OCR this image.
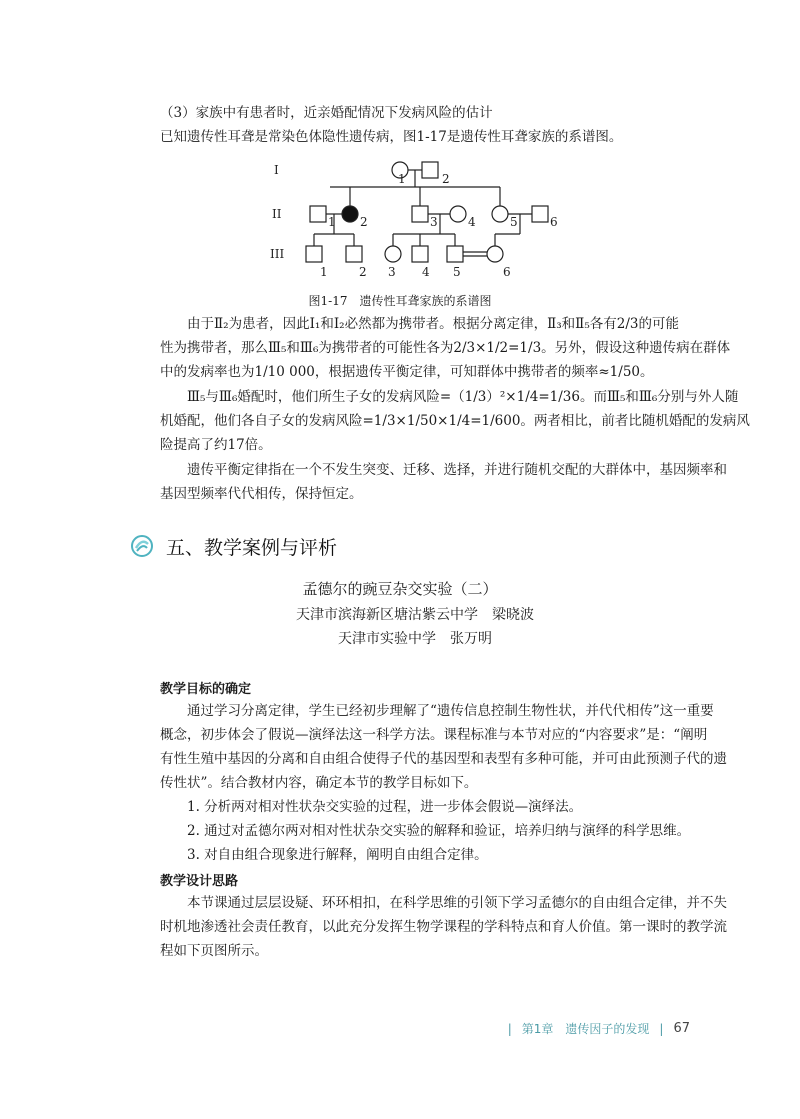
（3）家族中有患者时，近亲婚配情况下发病风险的估计
已知遗传性耳聋是常染色体隐性遗传病，图1-17是遗传性耳聋家族的系谱图。
I
II
III
1	2
1 2	3	4	5	6
1	2 3 4 5	6
图1-17　遗传性耳聋家族的系谱图
由于Ⅱ₂为患者，因此Ⅰ₁和Ⅰ₂必然都为携带者。根据分离定律，Ⅱ₃和Ⅱ₅各有2/3的可能
性为携带者，那么Ⅲ₅和Ⅲ₆为携带者的可能性各为2/3×1/2=1/3。另外，假设这种遗传病在群体
中的发病率也为1/10 000，根据遗传平衡定律，可知群体中携带者的频率≈1/50。
Ⅲ₅与Ⅲ₆婚配时，他们所生子女的发病风险=（1/3）²×1/4=1/36。而Ⅲ₅和Ⅲ₆分别与外人随
机婚配，他们各自子女的发病风险=1/3×1/50×1/4=1/600。两者相比，前者比随机婚配的发病风
险提高了约17倍。
遗传平衡定律指在一个不发生突变、迁移、选择，并进行随机交配的大群体中，基因频率和
基因型频率代代相传，保持恒定。
五、教学案例与评析
孟德尔的豌豆杂交实验（二）
天津市滨海新区塘沽紫云中学　梁晓波
天津市实验中学　张万明
教学目标的确定
通过学习分离定律，学生已经初步理解了“遗传信息控制生物性状，并代代相传”这一重要
概念，初步体会了假说—演绎法这一科学方法。课程标准与本节对应的“内容要求”是：“阐明
有性生殖中基因的分离和自由组合使得子代的基因型和表型有多种可能，并可由此预测子代的遗
传性状”。结合教材内容，确定本节的教学目标如下。
1. 分析两对相对性状杂交实验的过程，进一步体会假说—演绎法。
2. 通过对孟德尔两对相对性状杂交实验的解释和验证，培养归纳与演绎的科学思维。
3. 对自由组合现象进行解释，阐明自由组合定律。
教学设计思路
本节课通过层层设疑、环环相扣，在科学思维的引领下学习孟德尔的自由组合定律，并不失
时机地渗透社会责任教育，以此充分发挥生物学课程的学科特点和育人价值。第一课时的教学流
程如下页图所示。
| 第1章　遗传因子的发现 | 67
